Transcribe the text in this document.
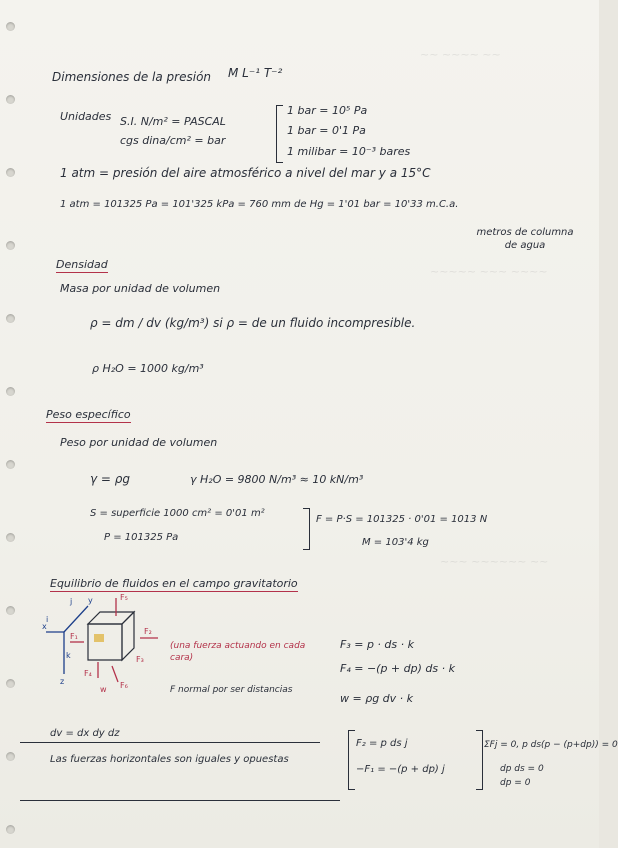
~~ ~~~~ ~~
~~~~~ ~~~ ~~~~
~~~ ~~~~~~ ~~
Dimensiones de la presión M L⁻¹ T⁻²
Unidades S.I. N/m² = PASCAL
cgs dina/cm² = bar
1 bar = 10⁵ Pa
1 bar = 0'1 Pa
1 milibar = 10⁻³ bares
1 atm = presión del aire atmosférico a nivel del mar y a 15°C
1 atm = 101325 Pa = 101'325 kPa = 760 mm de Hg = 1'01 bar = 10'33 m.C.a.
metros de columna de agua
Densidad
Masa por unidad de volumen
ρ = dm / dv (kg/m³) si ρ = de un fluido incompresible.
ρ H₂O = 1000 kg/m³
Peso específico
Peso por unidad de volumen
γ = ρg	γ H₂O = 9800 N/m³ ≈ 10 kN/m³
S = superficie 1000 cm² = 0'01 m²
P = 101325 Pa
F = P·S = 101325 · 0'01 = 1013 N
M = 103'4 kg
Equilibrio de fluidos en el campo gravitatorio
y
x
z
j
i
k
F₅
F₂
F₁
F₄
F₆
w
F₃
(una fuerza actuando en cada cara)
F normal por ser distancias
F₃ = p · ds · k
F₄ = −(p + dp) ds · k
w = ρg dv · k
dv = dx dy dz
Las fuerzas horizontales son iguales y opuestas
F₂ = p ds j
−F₁ = −(p + dp) j
ΣFj = 0, p ds(p − (p+dp)) = 0
dp ds = 0
dp = 0
